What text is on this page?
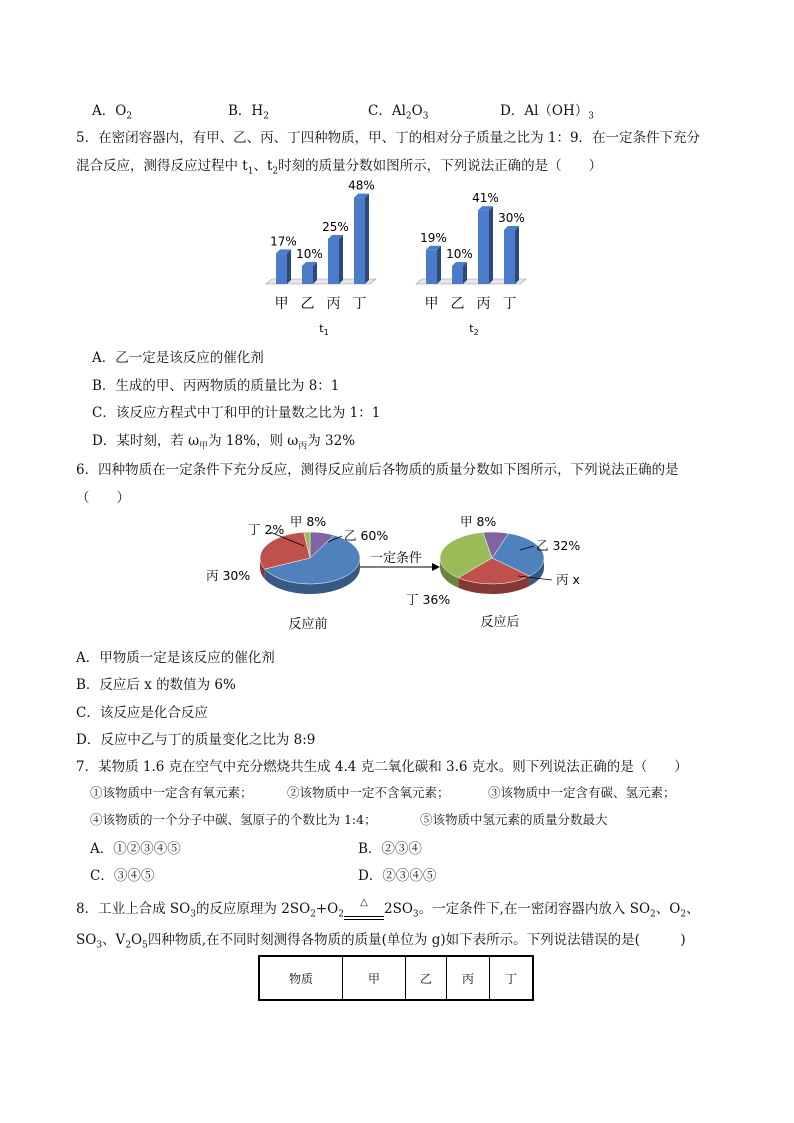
A．$O_2$	B．$H_2$	C．$Al_2O_3$	D．$Al(OH)_3$
5．在密闭容器内，有甲、乙、丙、丁四种物质，甲、丁的相对分子质量之比为 1：9．在一定条件下充分
混合反应，测得反应过程中 $t_1$、$t_2$时刻的质量分数如图所示，下列说法正确的是（　　）
17%
甲
10%
乙
25%
丙
48%
丁
$t_1$
19%
甲
10%
乙
41%
丙
30%
丁
$t_2$
A．乙一定是该反应的催化剂
B．生成的甲、丙两物质的质量比为 8：1
C．该反应方程式中丁和甲的计量数之比为 1：1
D．某时刻，若 $\omega_甲$为 18%，则 $\omega_丙$为 32%
6．四种物质在一定条件下充分反应，测得反应前后各物质的质量分数如下图所示，下列说法正确的是
（　　）
甲 8%
乙 60%
丙 30%
丁 2%
甲 8%
乙 32%
丙 x
丁 36%
一定条件
反应前	反应后
A．甲物质一定是该反应的催化剂
B．反应后 x 的数值为 6%
C．该反应是化合反应
D．反应中乙与丁的质量变化之比为 8:9
7．某物质 1.6 克在空气中充分燃烧共生成 4.4 克二氧化碳和 3.6 克水。则下列说法正确的是（　　）
①该物质中一定含有氧元素；	②该物质中一定不含氧元素；	③该物质中一定含有碳、氢元素；
④该物质的一个分子中碳、氢原子的个数比为 1:4；	⑤该物质中氢元素的质量分数最大
A．①②③④⑤	B．②③④
C．③④⑤	D．②③④⑤
8．工业上合成 $SO_3$的反应原理为 $2SO_2+O_2$
△	$2SO_3$。一定条件下,在一密闭容器内放入 $SO_2$、$O_2$、
$SO_3$、$V_2O_5$四种物质,在不同时刻测得各物质的质量(单位为 g)如下表所示。下列说法错误的是(　　　)
物质	甲	乙	丙	丁
